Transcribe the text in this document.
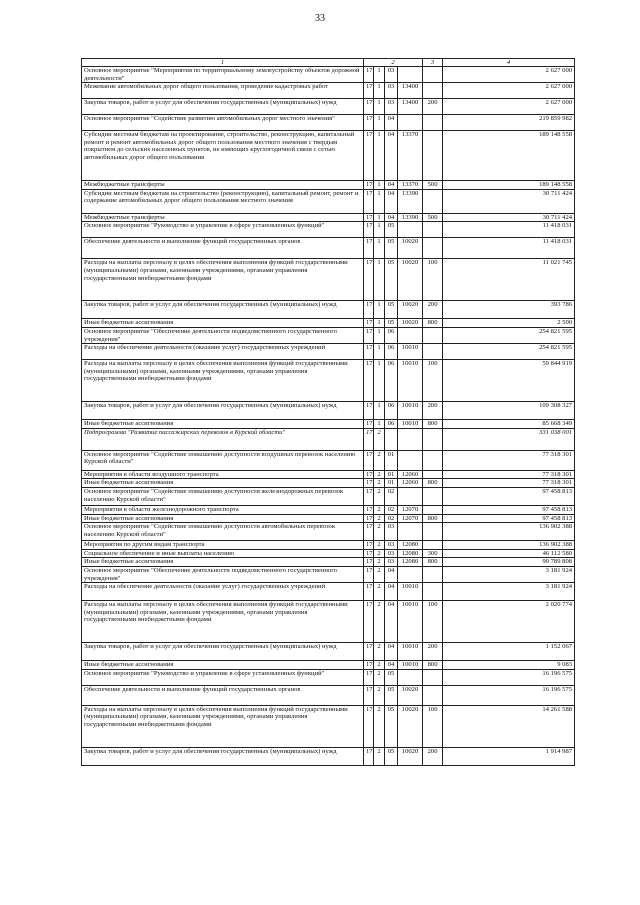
33
1	2				3	4
Основное мероприятие "Мероприятия по территориальному землеустройству объектов дорожной деятельности"	17	1	03			2 627 000
Межевание автомобильных дорог общего пользования, проведение кадастровых работ	17	1	03	13400		2 627 000
Закупка товаров, работ и услуг для обеспечения государственных (муниципальных) нужд	17	1	03	13400	200	2 627 000
Основное мероприятие "Содействие развитию автомобильных дорог местного значения"	17	1	04			219 859 982
Субсидии местным бюджетам на проектирование, строительство, реконструкцию, капитальный ремонт и ремонт автомобильных дорог общего пользования местного значения с твердым покрытием до сельских населенных пунктов, не имеющих круглогодичной связи с сетью автомобильных дорог общего пользования	17	1	04	13370		189 148 558
Межбюджетные трансферты	17	1	04	13370	500	189 148 558
Субсидии местным бюджетам на строительство (реконструкцию), капитальный ремонт, ремонт и содержание автомобильных дорог общего пользования местного значения	17	1	04	13390		30 711 424
Межбюджетные трансферты	17	1	04	13390	500	30 711 424
Основное мероприятие "Руководство и управление в сфере установленных функций"	17	1	05			11 418 031
Обеспечение деятельности и выполнение функций государственных органов	17	1	05	10020		11 418 031
Расходы на выплаты персоналу в целях обеспечения выполнения функций государственными (муниципальными) органами, казенными учреждениями, органами управления государственными внебюджетными фондами	17	1	05	10020	100	11 021 745
Закупка товаров, работ и услуг для обеспечения государственных (муниципальных) нужд	17	1	05	10020	200	393 786
Иные бюджетные ассигнования	17	1	05	10020	800	2 500
Основное мероприятие "Обеспечение деятельности подведомственного государственного учреждения"	17	1	06			254 821 595
Расходы на обеспечение деятельности (оказание услуг) государственных учреждений	17	1	06	10010		254 821 595
Расходы на выплаты персоналу в целях обеспечения выполнения функций государственными (муниципальными) органами, казенными учреждениями, органами управления государственными внебюджетными фондами	17	1	06	10010	100	59 844 919
Закупка товаров, работ и услуг для обеспечения государственных (муниципальных) нужд	17	1	06	10010	200	109 308 327
Иные бюджетные ассигнования	17	1	06	10010	800	85 668 349
Подпрограмма "Развитие пассажирских перевозок в Курской области"	17	2				331 038 001
Основное мероприятие "Содействие повышению доступности воздушных перевозок населению Курской области"	17	2	01			77 318 301
Мероприятия в области воздушного транспорта	17	2	01	12060		77 318 301
Иные бюджетные ассигнования	17	2	01	12060	800	77 318 301
Основное мероприятие "Содействие повышению доступности железнодорожных перевозок населению Курской области"	17	2	02			97 458 813
Мероприятия в области железнодорожного транспорта	17	2	02	12070		97 458 813
Иные бюджетные ассигнования	17	2	02	12070	800	97 458 813
Основное мероприятие "Содействие повышению доступности автомобильных перевозок населению Курской области"	17	2	03			136 902 388
Мероприятия по другим видам транспорта	17	2	03	12080		136 902 388
Социальное обеспечение и иные выплаты населению	17	2	03	12080	300	46 112 580
Иные бюджетные ассигнования	17	2	03	12080	800	90 789 808
Основное мероприятие "Обеспечение деятельности подведомственного государственного учреждения"	17	2	04			3 181 924
Расходы на обеспечение деятельности (оказание услуг) государственных учреждений	17	2	04	10010		3 181 924
Расходы на выплаты персоналу в целях обеспечения выполнения функций государственными (муниципальными) органами, казенными учреждениями, органами управления государственными внебюджетными фондами	17	2	04	10010	100	2 020 774
Закупка товаров, работ и услуг для обеспечения государственных (муниципальных) нужд	17	2	04	10010	200	1 152 067
Иные бюджетные ассигнования	17	2	04	10010	800	9 083
Основное мероприятие "Руководство и управление в сфере установленных функций"	17	2	05			16 196 575
Обеспечение деятельности и выполнение функций государственных органов	17	2	05	10020		16 196 575
Расходы на выплаты персоналу в целях обеспечения выполнения функций государственными (муниципальными) органами, казенными учреждениями, органами управления государственными внебюджетными фондами	17	2	05	10020	100	14 261 588
Закупка товаров, работ и услуг для обеспечения государственных (муниципальных) нужд	17	2	05	10020	200	1 914 987
